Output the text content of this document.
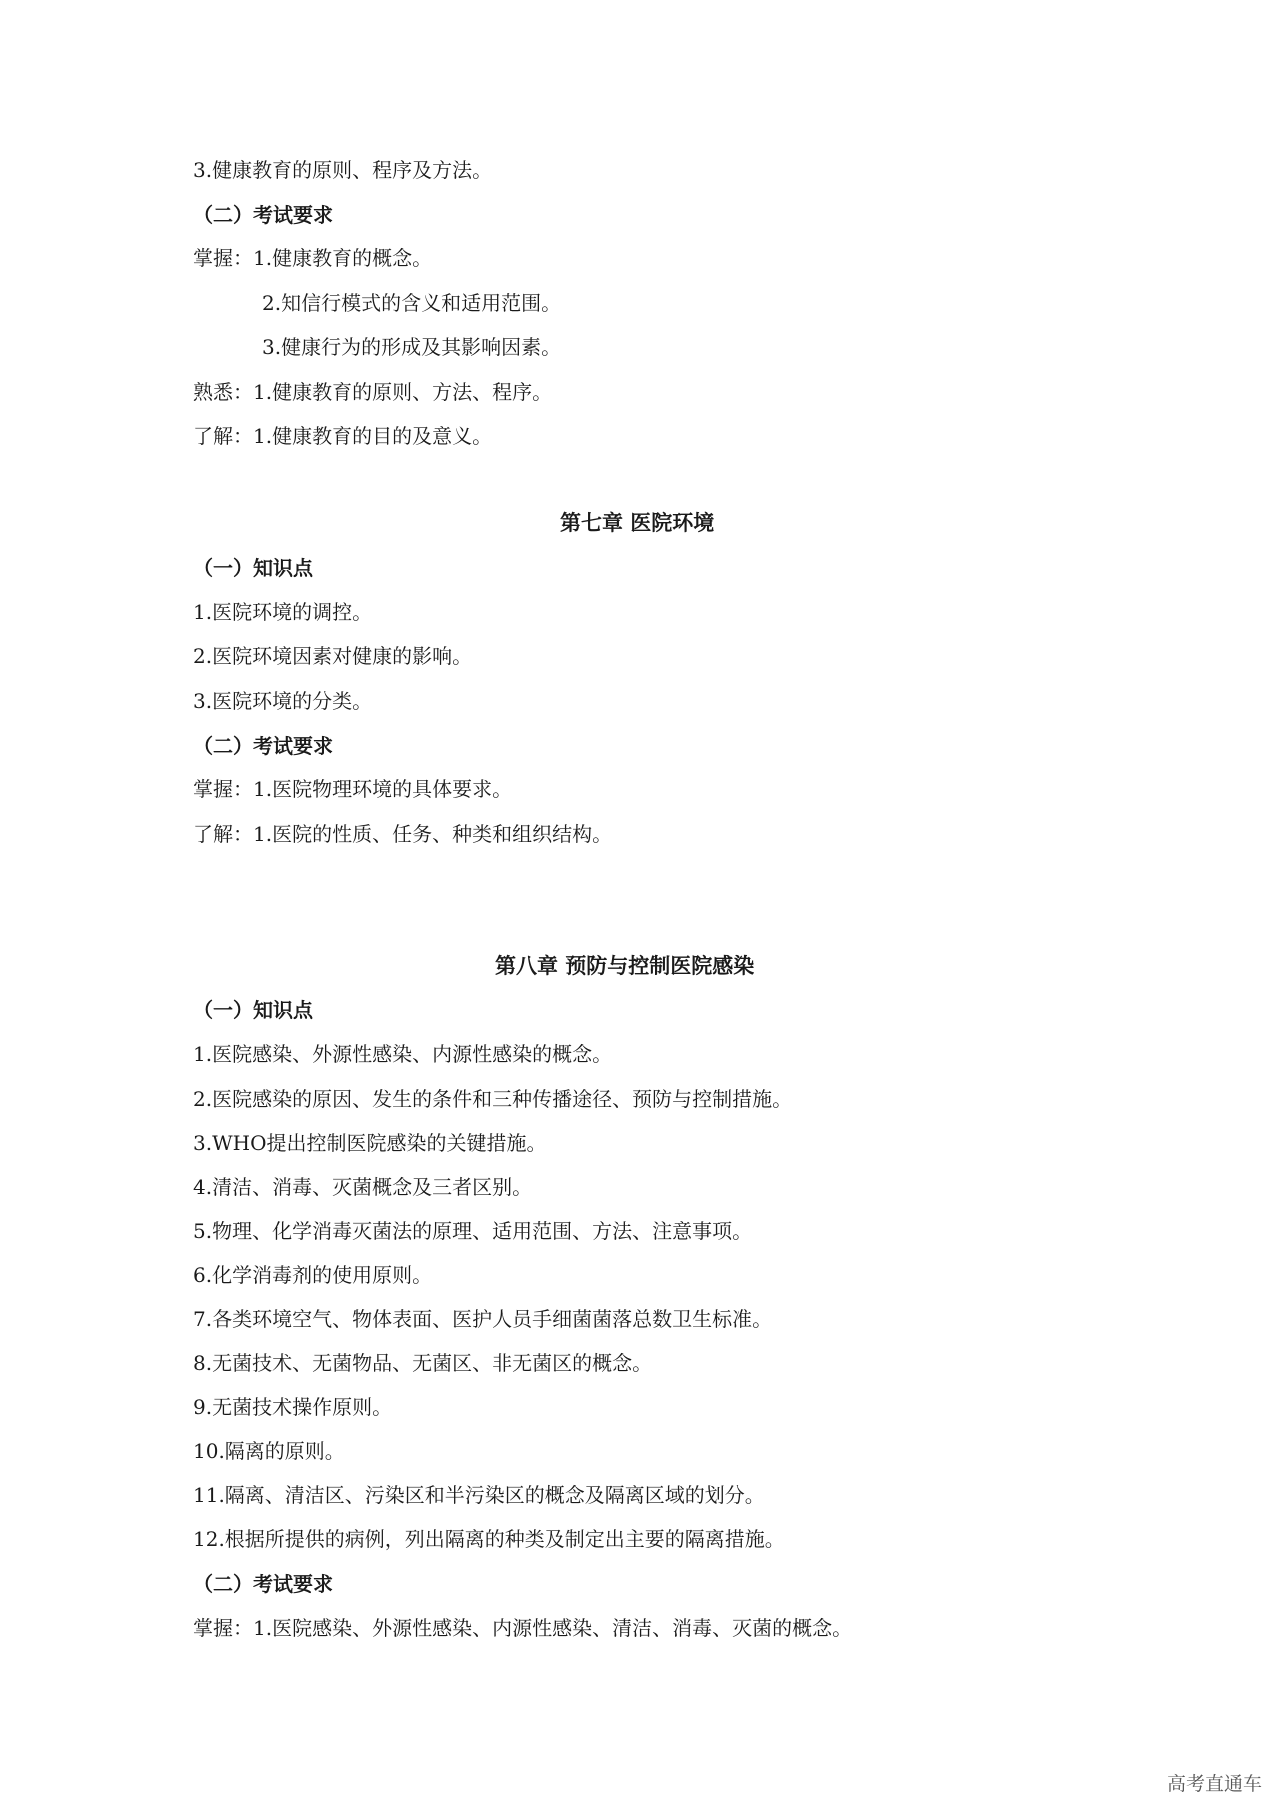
3.健康教育的原则、程序及方法。
（二）考试要求
掌握：1.健康教育的概念。
2.知信行模式的含义和适用范围。
3.健康行为的形成及其影响因素。
熟悉：1.健康教育的原则、方法、程序。
了解：1.健康教育的目的及意义。
第七章 医院环境
（一）知识点
1.医院环境的调控。
2.医院环境因素对健康的影响。
3.医院环境的分类。
（二）考试要求
掌握：1.医院物理环境的具体要求。
了解：1.医院的性质、任务、种类和组织结构。
第八章 预防与控制医院感染
（一）知识点
1.医院感染、外源性感染、内源性感染的概念。
2.医院感染的原因、发生的条件和三种传播途径、预防与控制措施。
3.WHO提出控制医院感染的关键措施。
4.清洁、消毒、灭菌概念及三者区别。
5.物理、化学消毒灭菌法的原理、适用范围、方法、注意事项。
6.化学消毒剂的使用原则。
7.各类环境空气、物体表面、医护人员手细菌菌落总数卫生标准。
8.无菌技术、无菌物品、无菌区、非无菌区的概念。
9.无菌技术操作原则。
10.隔离的原则。
11.隔离、清洁区、污染区和半污染区的概念及隔离区域的划分。
12.根据所提供的病例，列出隔离的种类及制定出主要的隔离措施。
（二）考试要求
掌握：1.医院感染、外源性感染、内源性感染、清洁、消毒、灭菌的概念。
高考直通车
